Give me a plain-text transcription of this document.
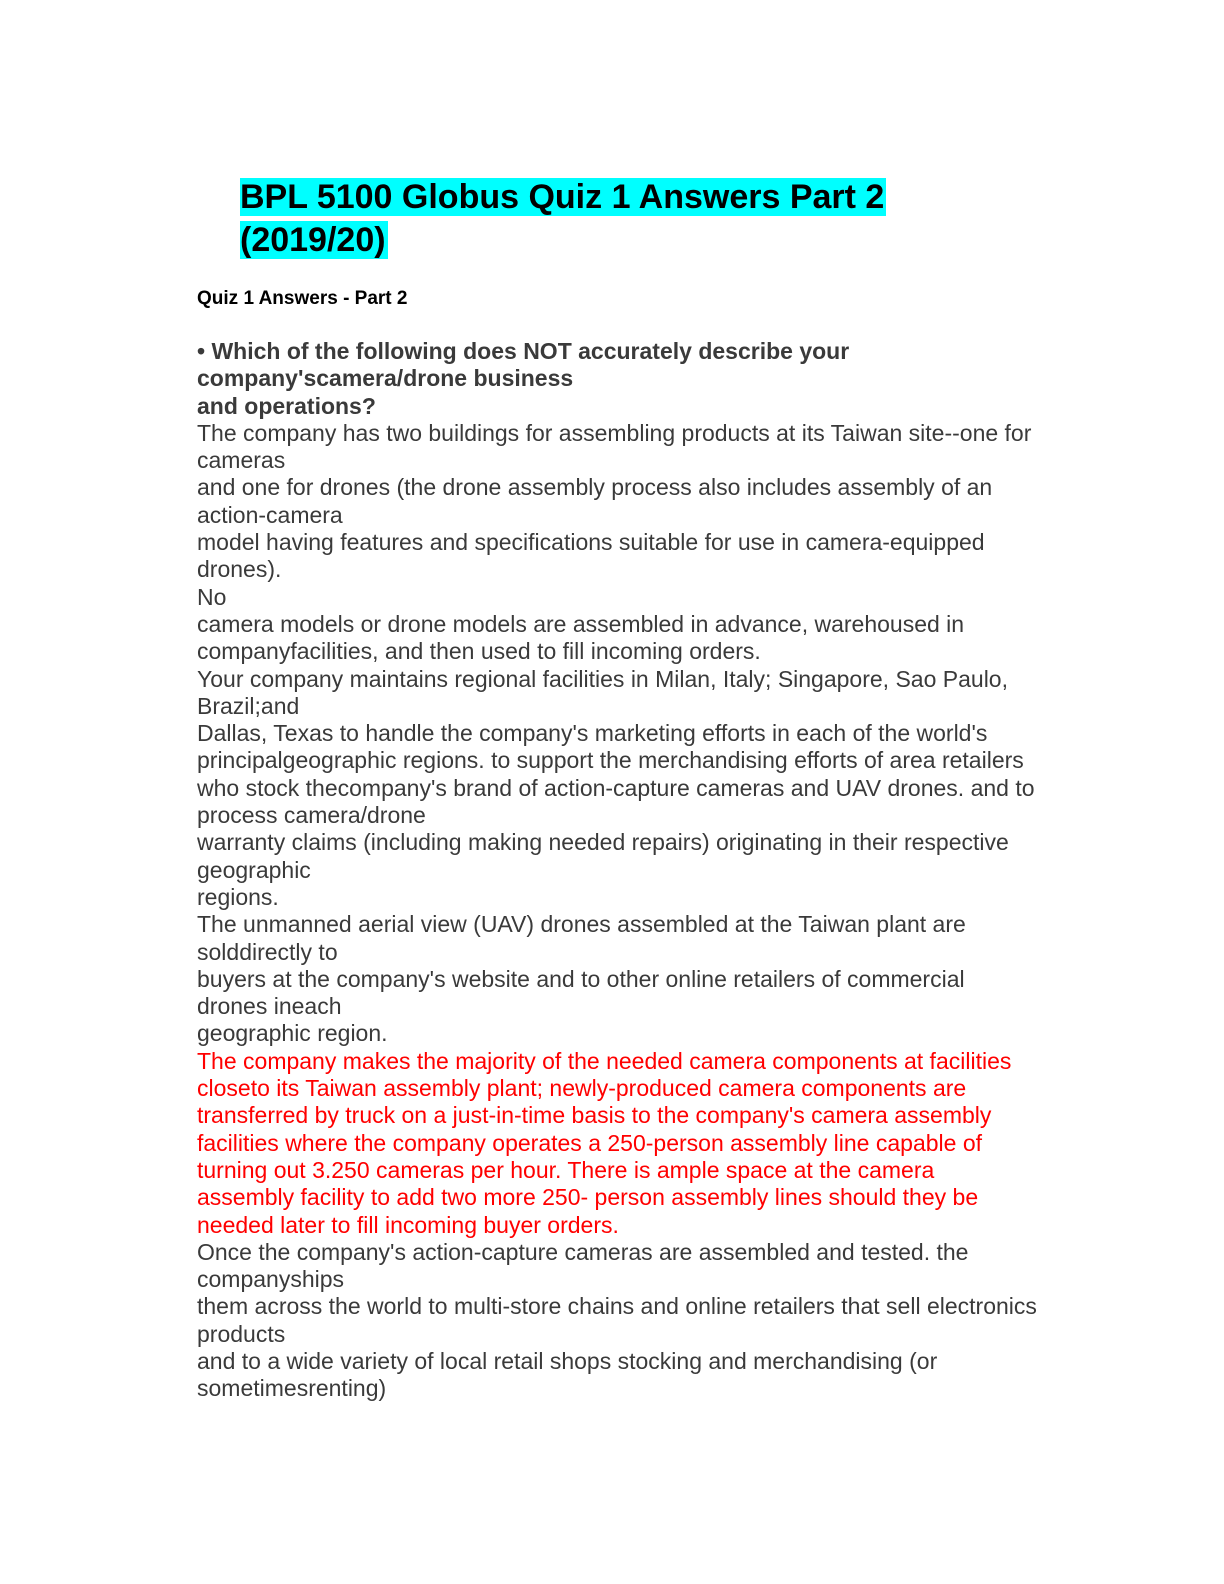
BPL 5100 Globus Quiz 1 Answers Part 2
(2019/20)
Quiz 1 Answers - Part 2
• Which of the following does NOT accurately describe your
company'scamera/drone business
and operations?
The company has two buildings for assembling products at its Taiwan site--one for
cameras
and one for drones (the drone assembly process also includes assembly of an
action-camera
model having features and specifications suitable for use in camera-equipped
drones).
No
camera models or drone models are assembled in advance, warehoused in
companyfacilities, and then used to fill incoming orders.
Your company maintains regional facilities in Milan, Italy; Singapore, Sao Paulo,
Brazil;and
Dallas, Texas to handle the company's marketing efforts in each of the world's
principalgeographic regions. to support the merchandising efforts of area retailers
who stock thecompany's brand of action-capture cameras and UAV drones. and to
process camera/drone
warranty claims (including making needed repairs) originating in their respective
geographic
regions.
The unmanned aerial view (UAV) drones assembled at the Taiwan plant are
solddirectly to
buyers at the company's website and to other online retailers of commercial
drones ineach
geographic region.
The company makes the majority of the needed camera components at facilities
closeto its Taiwan assembly plant; newly-produced camera components are
transferred by truck on a just-in-time basis to the company's camera assembly
facilities where the company operates a 250-person assembly line capable of
turning out 3.250 cameras per hour. There is ample space at the camera
assembly facility to add two more 250- person assembly lines should they be
needed later to fill incoming buyer orders.
Once the company's action-capture cameras are assembled and tested. the
companyships
them across the world to multi-store chains and online retailers that sell electronics
products
and to a wide variety of local retail shops stocking and merchandising (or
sometimesrenting)
